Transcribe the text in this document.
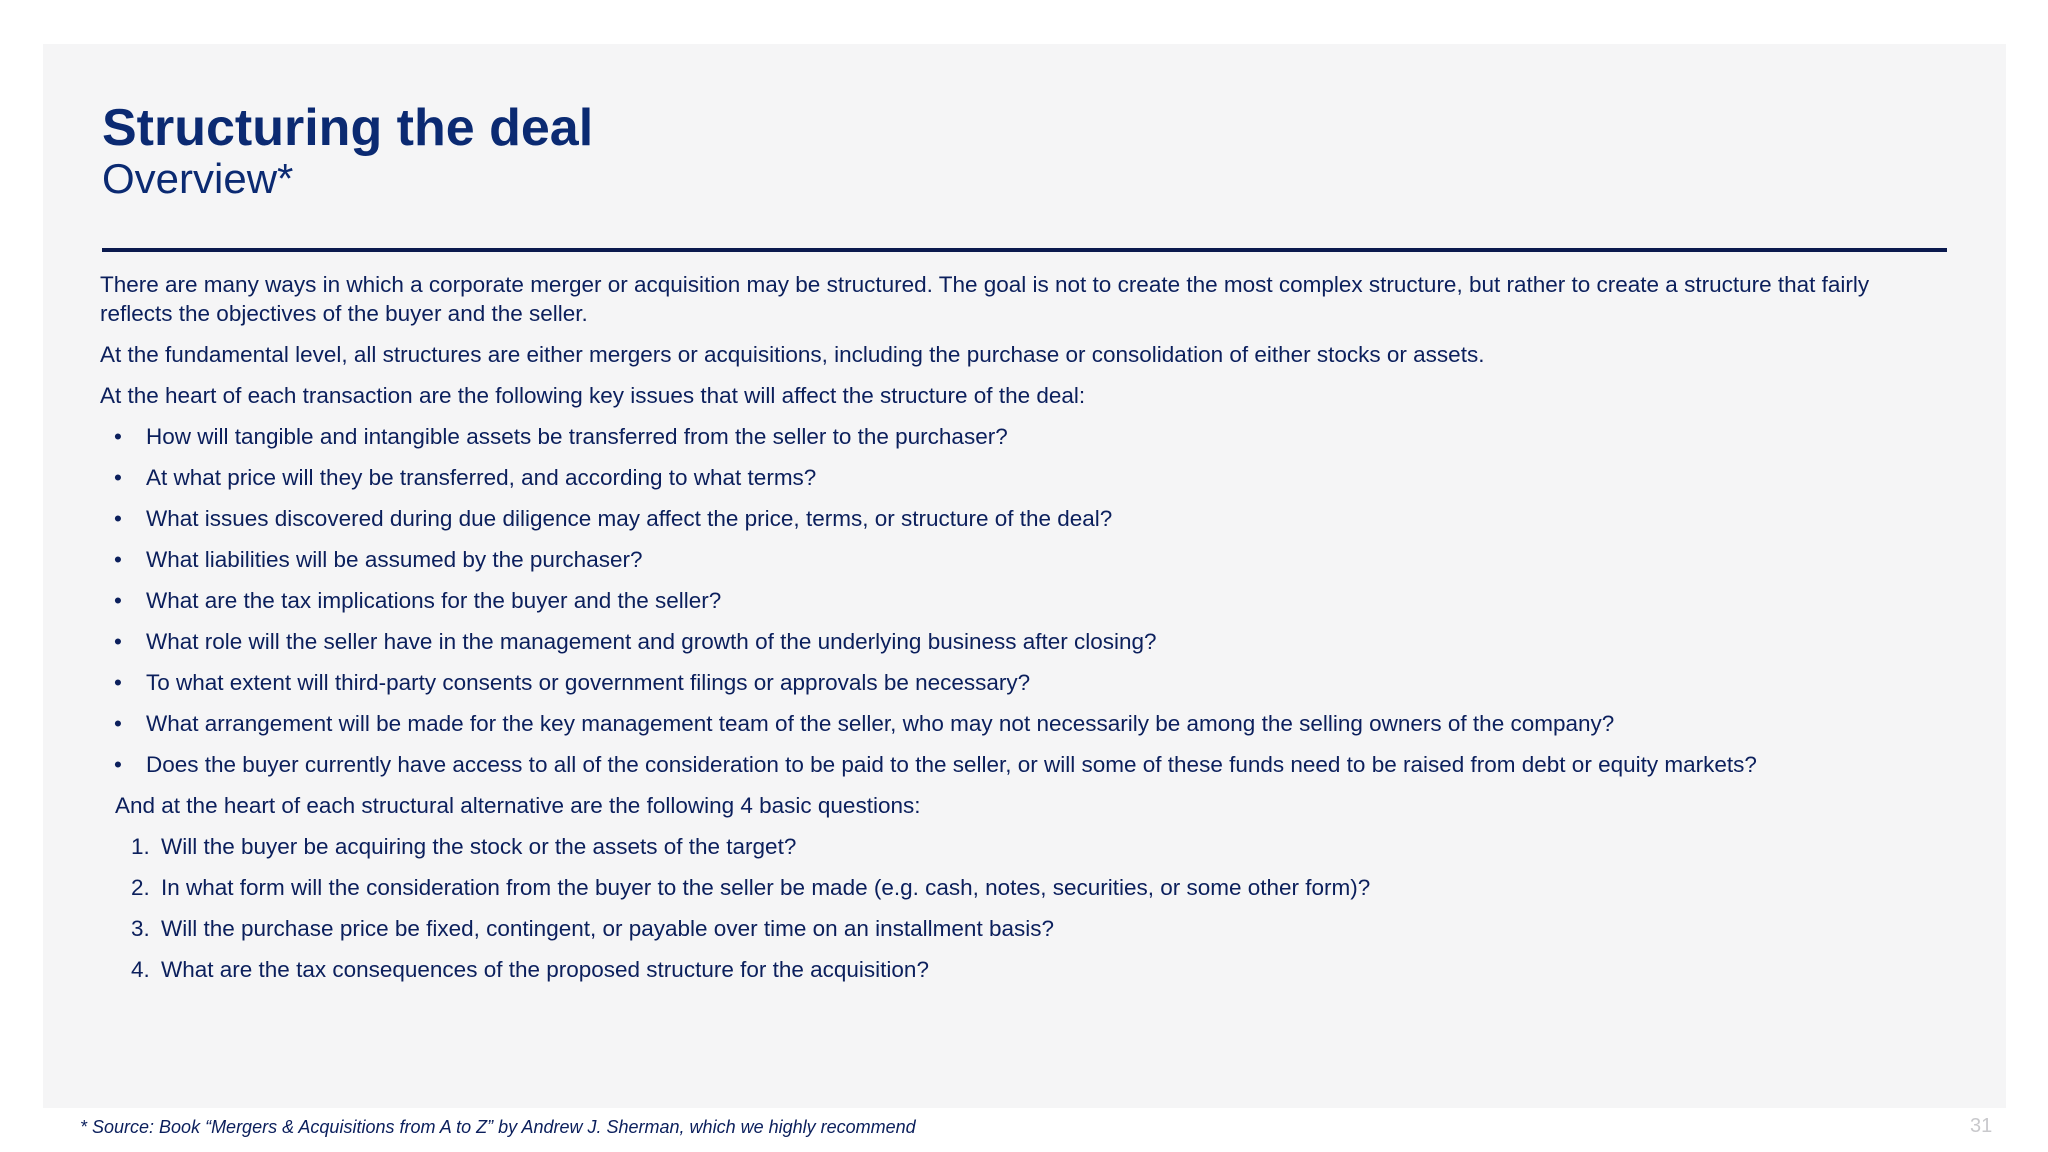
Structuring the deal
Overview*

There are many ways in which a corporate merger or acquisition may be structured. The goal is not to create the most complex structure, but rather to create a structure that fairly reflects the objectives of the buyer and the seller.

At the fundamental level, all structures are either mergers or acquisitions, including the purchase or consolidation of either stocks or assets.

At the heart of each transaction are the following key issues that will affect the structure of the deal:

• How will tangible and intangible assets be transferred from the seller to the purchaser?
• At what price will they be transferred, and according to what terms?
• What issues discovered during due diligence may affect the price, terms, or structure of the deal?
• What liabilities will be assumed by the purchaser?
• What are the tax implications for the buyer and the seller?
• What role will the seller have in the management and growth of the underlying business after closing?
• To what extent will third-party consents or government filings or approvals be necessary?
• What arrangement will be made for the key management team of the seller, who may not necessarily be among the selling owners of the company?
• Does the buyer currently have access to all of the consideration to be paid to the seller, or will some of these funds need to be raised from debt or equity markets?

And at the heart of each structural alternative are the following 4 basic questions:

1. Will the buyer be acquiring the stock or the assets of the target?
2. In what form will the consideration from the buyer to the seller be made (e.g. cash, notes, securities, or some other form)?
3. Will the purchase price be fixed, contingent, or payable over time on an installment basis?
4. What are the tax consequences of the proposed structure for the acquisition?
* Source: Book “Mergers & Acquisitions from A to Z” by Andrew J. Sherman, which we highly recommend	31
